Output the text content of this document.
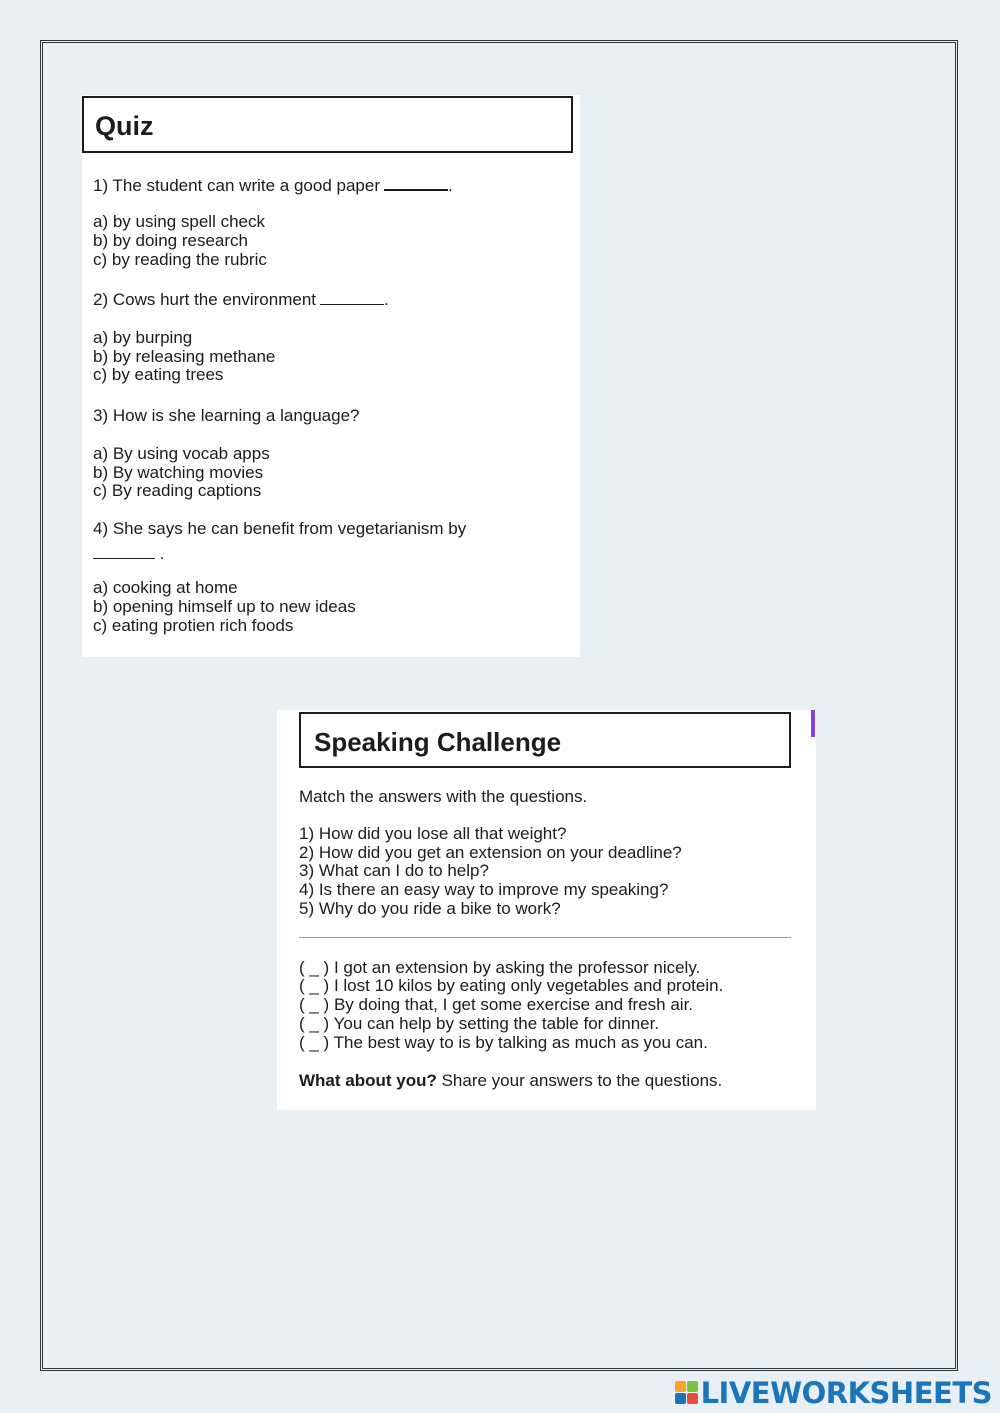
Quiz
1) The student can write a good paper	.
a) by using spell check
b) by doing research
c) by reading the rubric
2) Cows hurt the environment	.
a) by burping
b) by releasing methane
c) by eating trees
3) How is she learning a language?
a) By using vocab apps
b) By watching movies
c) By reading captions
4) She says he can benefit from vegetarianism by
.
a) cooking at home
b) opening himself up to new ideas
c) eating protien rich foods
Speaking Challenge
Match the answers with the questions.
1) How did you lose all that weight?
2) How did you get an extension on your deadline?
3) What can I do to help?
4) Is there an easy way to improve my speaking?
5) Why do you ride a bike to work?
( _ ) I got an extension by asking the professor nicely.
( _ ) I lost 10 kilos by eating only vegetables and protein.
( _ ) By doing that, I get some exercise and fresh air.
( _ ) You can help by setting the table for dinner.
( _ ) The best way to is by talking as much as you can.
What about you? Share your answers to the questions.
LIVEWORKSHEETS
